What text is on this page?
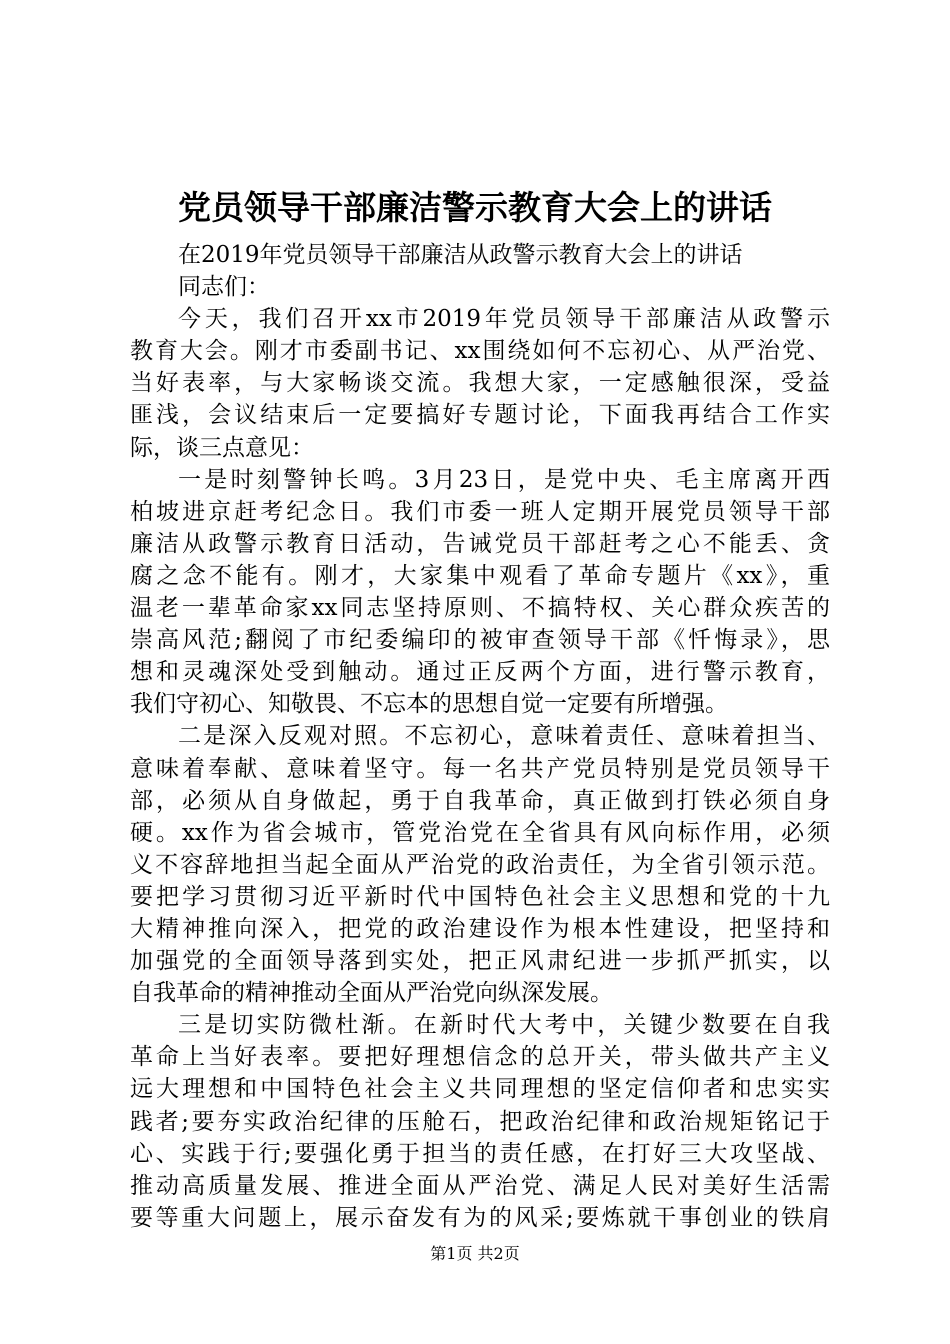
党员领导干部廉洁警示教育大会上的讲话
在2019年党员领导干部廉洁从政警示教育大会上的讲话
同志们：
今天，我们召开xx市2019年党员领导干部廉洁从政警示
教育大会。刚才市委副书记、xx围绕如何不忘初心、从严治党、
当好表率，与大家畅谈交流。我想大家，一定感触很深，受益
匪浅，会议结束后一定要搞好专题讨论，下面我再结合工作实
际，谈三点意见：
一是时刻警钟长鸣。3月23日，是党中央、毛主席离开西
柏坡进京赶考纪念日。我们市委一班人定期开展党员领导干部
廉洁从政警示教育日活动，告诫党员干部赶考之心不能丢、贪
腐之念不能有。刚才，大家集中观看了革命专题片《xx》，重
温老一辈革命家xx同志坚持原则、不搞特权、关心群众疾苦的
崇高风范;翻阅了市纪委编印的被审查领导干部《忏悔录》，思
想和灵魂深处受到触动。通过正反两个方面，进行警示教育，
我们守初心、知敬畏、不忘本的思想自觉一定要有所增强。
二是深入反观对照。不忘初心，意味着责任、意味着担当、
意味着奉献、意味着坚守。每一名共产党员特别是党员领导干
部，必须从自身做起，勇于自我革命，真正做到打铁必须自身
硬。xx作为省会城市，管党治党在全省具有风向标作用，必须
义不容辞地担当起全面从严治党的政治责任，为全省引领示范。
要把学习贯彻习近平新时代中国特色社会主义思想和党的十九
大精神推向深入，把党的政治建设作为根本性建设，把坚持和
加强党的全面领导落到实处，把正风肃纪进一步抓严抓实，以
自我革命的精神推动全面从严治党向纵深发展。
三是切实防微杜渐。在新时代大考中，关键少数要在自我
革命上当好表率。要把好理想信念的总开关，带头做共产主义
远大理想和中国特色社会主义共同理想的坚定信仰者和忠实实
践者;要夯实政治纪律的压舱石，把政治纪律和政治规矩铭记于
心、实践于行;要强化勇于担当的责任感，在打好三大攻坚战、
推动高质量发展、推进全面从严治党、满足人民对美好生活需
要等重大问题上，展示奋发有为的风采;要炼就干事创业的铁肩
第1页 共2页
